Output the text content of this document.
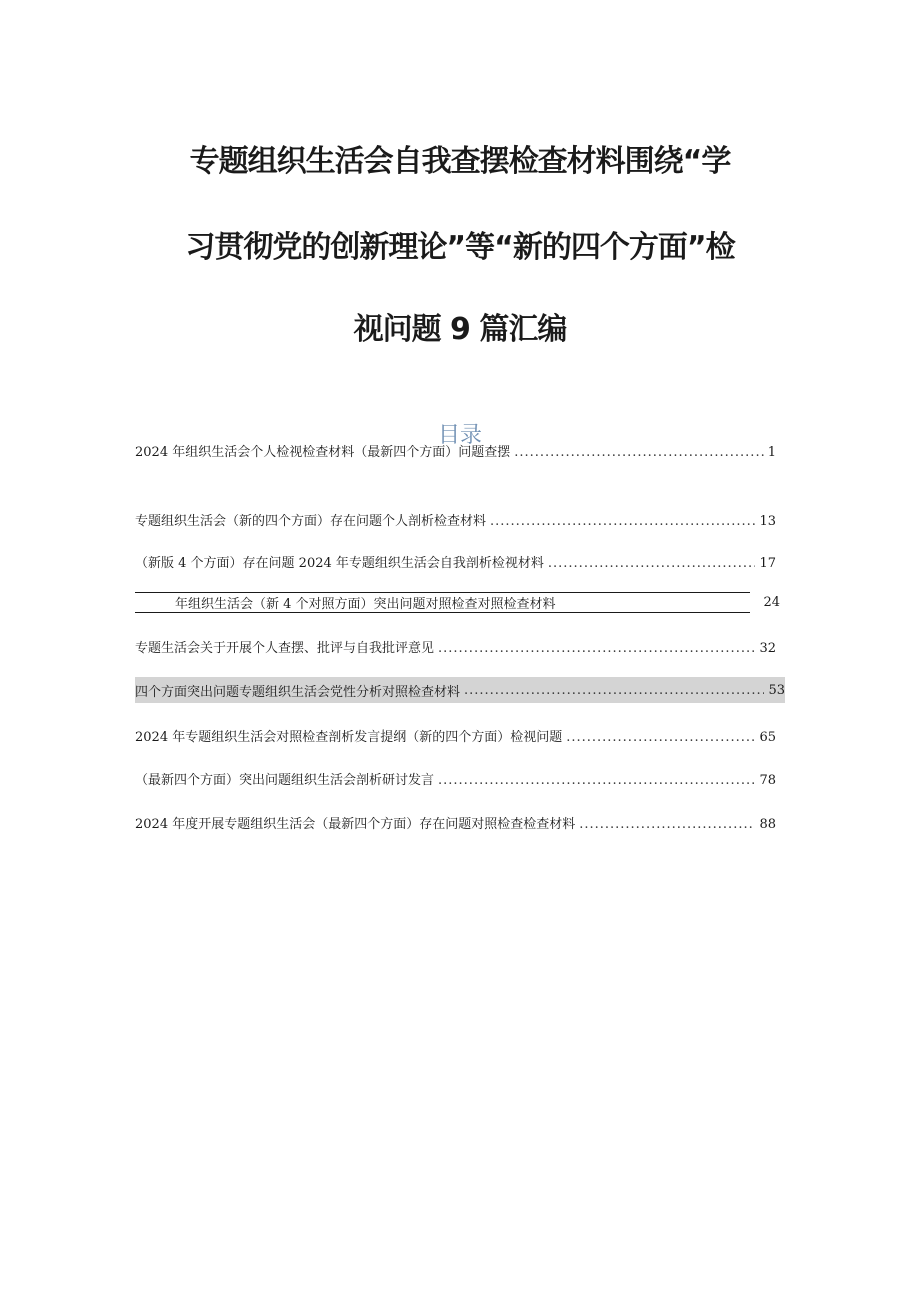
专题组织生活会自我查摆检查材料围绕“学
习贯彻党的创新理论”等“新的四个方面”检
视问题 9 篇汇编
目录
2024 年组织生活会个人检视检查材料（最新四个方面）问题查摆 .....	1
专题组织生活会（新的四个方面）存在问题个人剖析检查材料 .....	13
（新版 4 个方面）存在问题 2024 年专题组织生活会自我剖析检视材料 .....	17
年组织生活会（新 4 个对照方面）突出问题对照检查对照检查材料	24
专题生活会关于开展个人查摆、批评与自我批评意见 .....	32
四个方面突出问题专题组织生活会党性分析对照检查材料 .....	53
2024 年专题组织生活会对照检查剖析发言提纲（新的四个方面）检视问题 .....	65
（最新四个方面）突出问题组织生活会剖析研讨发言 .....	78
2024 年度开展专题组织生活会（最新四个方面）存在问题对照检查检查材料 .....	88
